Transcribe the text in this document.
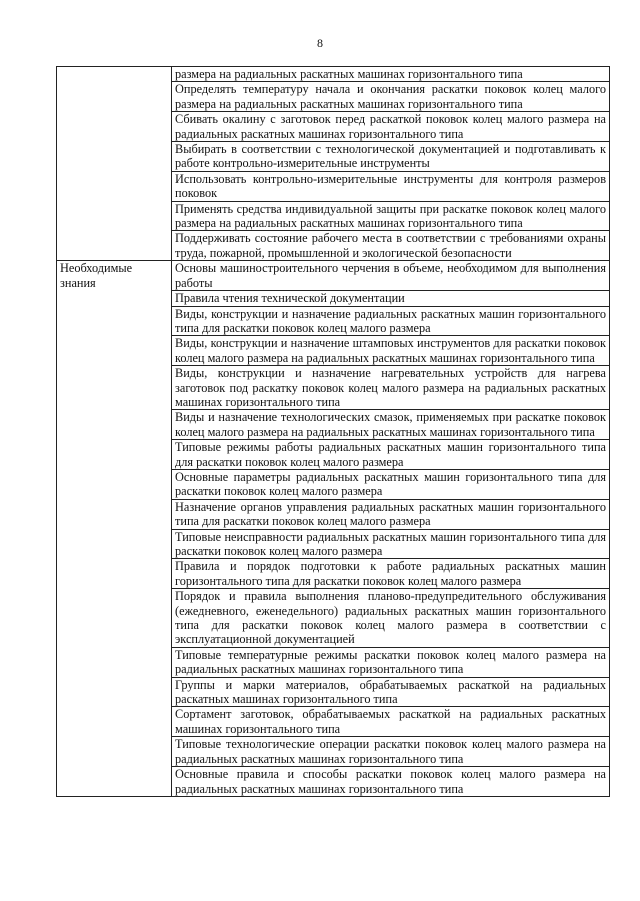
8
	размера на радиальных раскатных машинах горизонтального типа
	Определять температуру начала и окончания раскатки поковок колец малого размера на радиальных раскатных машинах горизонтального типа
	Сбивать окалину с заготовок перед раскаткой поковок колец малого размера на радиальных раскатных машинах горизонтального типа
	Выбирать в соответствии с технологической документацией и подготавливать к работе контрольно-измерительные инструменты
	Использовать контрольно-измерительные инструменты для контроля размеров поковок
	Применять средства индивидуальной защиты при раскатке поковок колец малого размера на радиальных раскатных машинах горизонтального типа
	Поддерживать состояние рабочего места в соответствии с требованиями охраны труда, пожарной, промышленной и экологической безопасности
Необходимые знания	Основы машиностроительного черчения в объеме, необходимом для выполнения работы
	Правила чтения технической документации
	Виды, конструкции и назначение радиальных раскатных машин горизонтального типа для раскатки поковок колец малого размера
	Виды, конструкции и назначение штамповых инструментов для раскатки поковок колец малого размера на радиальных раскатных машинах горизонтального типа
	Виды, конструкции и назначение нагревательных устройств для нагрева заготовок под раскатку поковок колец малого размера на радиальных раскатных машинах горизонтального типа
	Виды и назначение технологических смазок, применяемых при раскатке поковок колец малого размера на радиальных раскатных машинах горизонтального типа
	Типовые режимы работы радиальных раскатных машин горизонтального типа для раскатки поковок колец малого размера
	Основные параметры радиальных раскатных машин горизонтального типа для раскатки поковок колец малого размера
	Назначение органов управления радиальных раскатных машин горизонтального типа для раскатки поковок колец малого размера
	Типовые неисправности радиальных раскатных машин горизонтального типа для раскатки поковок колец малого размера
	Правила и порядок подготовки к работе радиальных раскатных машин горизонтального типа для раскатки поковок колец малого размера
	Порядок и правила выполнения планово-предупредительного обслуживания (ежедневного, еженедельного) радиальных раскатных машин горизонтального типа для раскатки поковок колец малого размера в соответствии с эксплуатационной документацией
	Типовые температурные режимы раскатки поковок колец малого размера на радиальных раскатных машинах горизонтального типа
	Группы и марки материалов, обрабатываемых раскаткой на радиальных раскатных машинах горизонтального типа
	Сортамент заготовок, обрабатываемых раскаткой на радиальных раскатных машинах горизонтального типа
	Типовые технологические операции раскатки поковок колец малого размера на радиальных раскатных машинах горизонтального типа
	Основные правила и способы раскатки поковок колец малого размера на радиальных раскатных машинах горизонтального типа
